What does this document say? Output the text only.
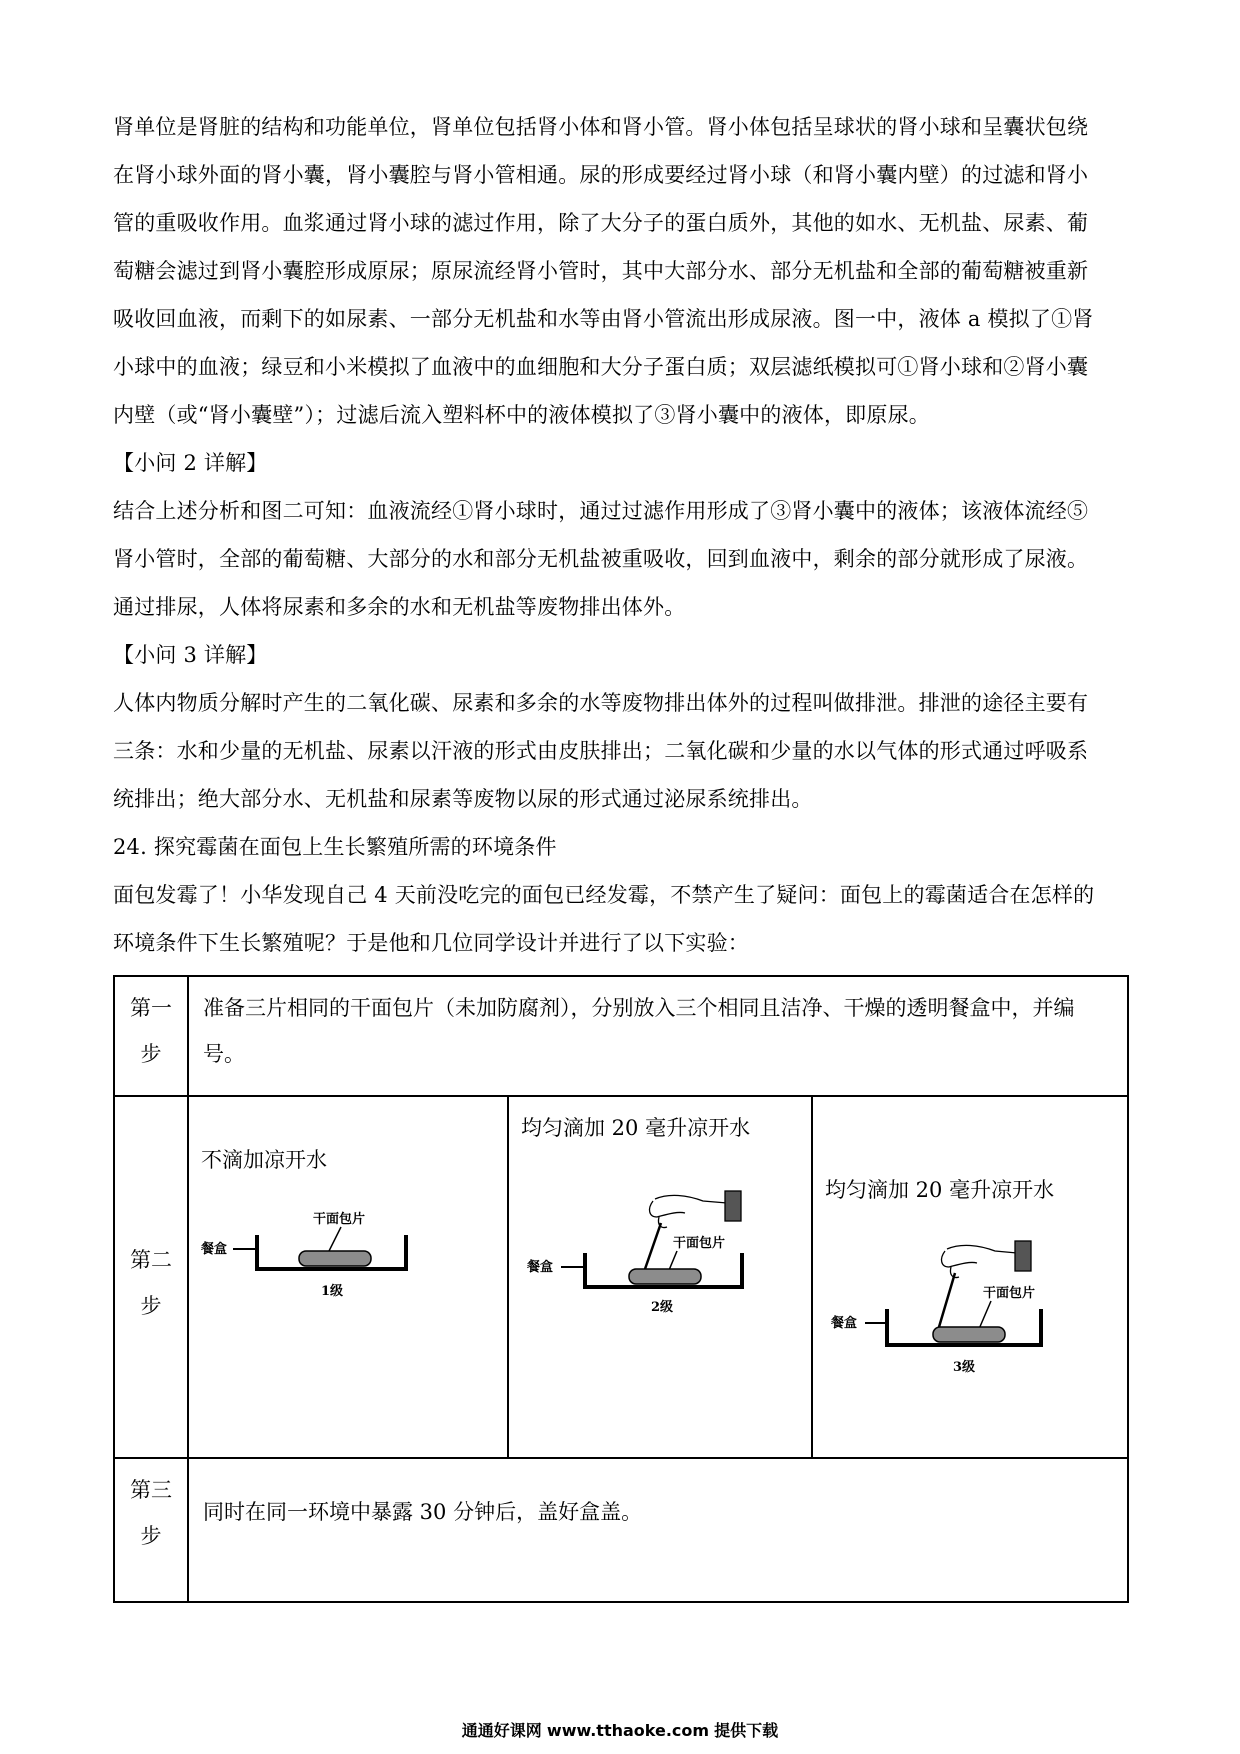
肾单位是肾脏的结构和功能单位，肾单位包括肾小体和肾小管。肾小体包括呈球状的肾小球和呈囊状包绕
在肾小球外面的肾小囊，肾小囊腔与肾小管相通。尿的形成要经过肾小球（和肾小囊内壁）的过滤和肾小
管的重吸收作用。血浆通过肾小球的滤过作用，除了大分子的蛋白质外，其他的如水、无机盐、尿素、葡
萄糖会滤过到肾小囊腔形成原尿；原尿流经肾小管时，其中大部分水、部分无机盐和全部的葡萄糖被重新
吸收回血液，而剩下的如尿素、一部分无机盐和水等由肾小管流出形成尿液。图一中，液体 a 模拟了①肾
小球中的血液；绿豆和小米模拟了血液中的血细胞和大分子蛋白质；双层滤纸模拟可①肾小球和②肾小囊
内壁（或“肾小囊壁”）；过滤后流入塑料杯中的液体模拟了③肾小囊中的液体，即原尿。
【小问 2 详解】
结合上述分析和图二可知：血液流经①肾小球时，通过过滤作用形成了③肾小囊中的液体；该液体流经⑤
肾小管时，全部的葡萄糖、大部分的水和部分无机盐被重吸收，回到血液中，剩余的部分就形成了尿液。
通过排尿，人体将尿素和多余的水和无机盐等废物排出体外。
【小问 3 详解】
人体内物质分解时产生的二氧化碳、尿素和多余的水等废物排出体外的过程叫做排泄。排泄的途径主要有
三条：水和少量的无机盐、尿素以汗液的形式由皮肤排出；二氧化碳和少量的水以气体的形式通过呼吸系
统排出；绝大部分水、无机盐和尿素等废物以尿的形式通过泌尿系统排出。
24. 探究霉菌在面包上生长繁殖所需的环境条件
面包发霉了！小华发现自己 4 天前没吃完的面包已经发霉，不禁产生了疑问：面包上的霉菌适合在怎样的
环境条件下生长繁殖呢？于是他和几位同学设计并进行了以下实验：
第一
步

准备三片相同的干面包片（未加防腐剂），分别放入三个相同且洁净、干燥的透明餐盒中，并编
号。

第二
步

不滴加凉开水
餐盒
干面包片
1级

均匀滴加 20 毫升凉开水
干面包片
餐盒
2级

均匀滴加 20 毫升凉开水
干面包片
餐盒
3级

第三
步

同时在同一环境中暴露 30 分钟后，盖好盒盖。
通通好课网 www.tthaoke.com 提供下载
